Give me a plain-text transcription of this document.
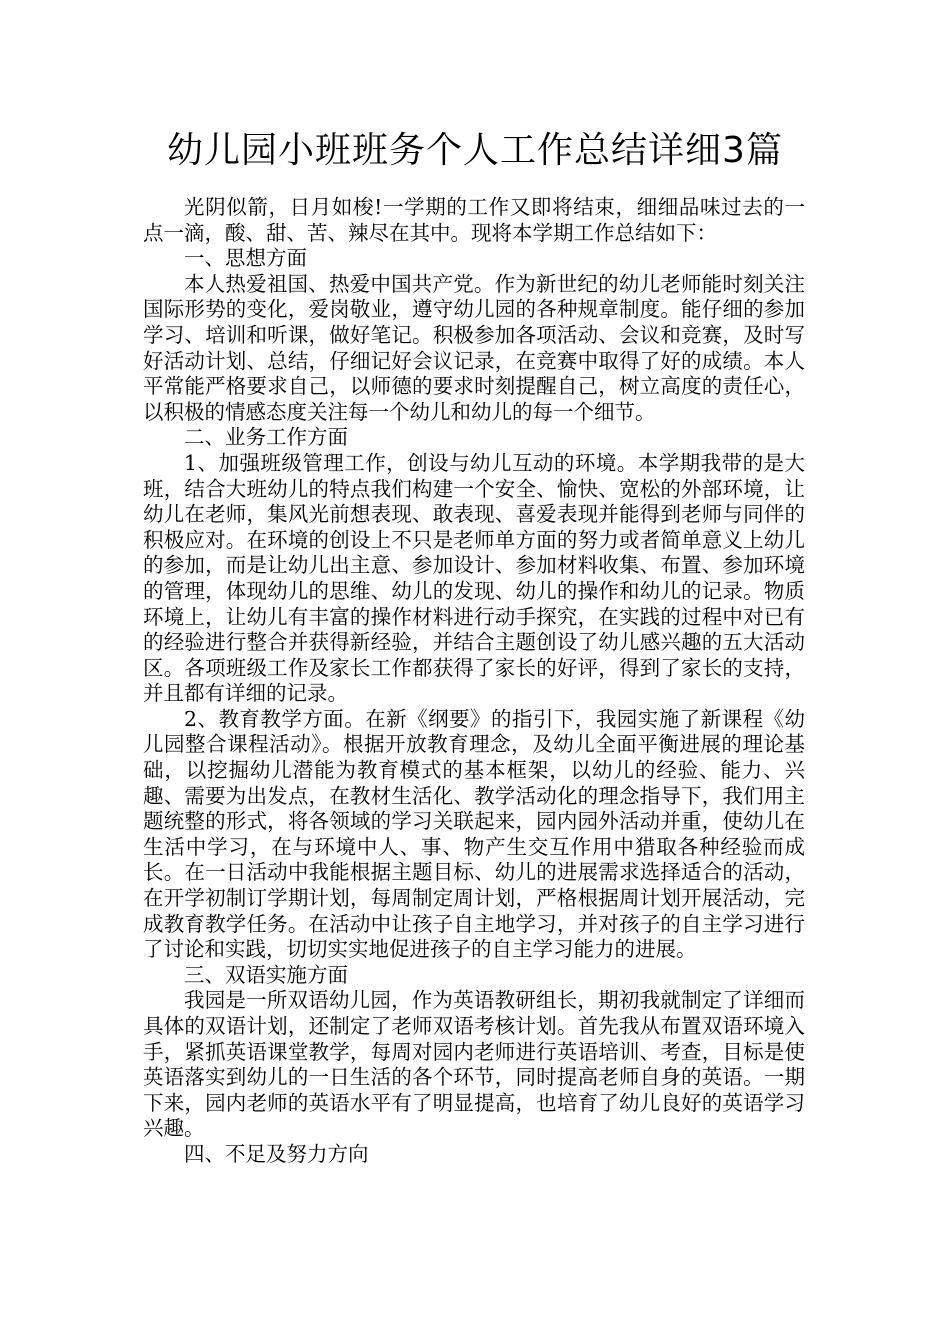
幼儿园小班班务个人工作总结详细3篇

光阴似箭，日月如梭!一学期的工作又即将结束，细细品味过去的一点一滴，酸、甜、苦、辣尽在其中。现将本学期工作总结如下：

一、思想方面

本人热爱祖国、热爱中国共产党。作为新世纪的幼儿老师能时刻关注国际形势的变化，爱岗敬业，遵守幼儿园的各种规章制度。能仔细的参加学习、培训和听课，做好笔记。积极参加各项活动、会议和竞赛，及时写好活动计划、总结，仔细记好会议记录，在竞赛中取得了好的成绩。本人平常能严格要求自己，以师德的要求时刻提醒自己，树立高度的责任心，以积极的情感态度关注每一个幼儿和幼儿的每一个细节。

二、业务工作方面

1、加强班级管理工作，创设与幼儿互动的环境。本学期我带的是大班，结合大班幼儿的特点我们构建一个安全、愉快、宽松的外部环境，让幼儿在老师，集风光前想表现、敢表现、喜爱表现并能得到老师与同伴的积极应对。在环境的创设上不只是老师单方面的努力或者简单意义上幼儿的参加，而是让幼儿出主意、参加设计、参加材料收集、布置、参加环境的管理，体现幼儿的思维、幼儿的发现、幼儿的操作和幼儿的记录。物质环境上，让幼儿有丰富的操作材料进行动手探究，在实践的过程中对已有的经验进行整合并获得新经验，并结合主题创设了幼儿感兴趣的五大活动区。各项班级工作及家长工作都获得了家长的好评，得到了家长的支持，并且都有详细的记录。

2、教育教学方面。在新《纲要》的指引下，我园实施了新课程《幼儿园整合课程活动》。根据开放教育理念，及幼儿全面平衡进展的理论基础，以挖掘幼儿潜能为教育模式的基本框架，以幼儿的经验、能力、兴趣、需要为出发点，在教材生活化、教学活动化的理念指导下，我们用主题统整的形式，将各领域的学习关联起来，园内园外活动并重，使幼儿在生活中学习，在与环境中人、事、物产生交互作用中猎取各种经验而成长。在一日活动中我能根据主题目标、幼儿的进展需求选择适合的活动，在开学初制订学期计划，每周制定周计划，严格根据周计划开展活动，完成教育教学任务。在活动中让孩子自主地学习，并对孩子的自主学习进行了讨论和实践，切切实实地促进孩子的自主学习能力的进展。

三、双语实施方面

我园是一所双语幼儿园，作为英语教研组长，期初我就制定了详细而具体的双语计划，还制定了老师双语考核计划。首先我从布置双语环境入手，紧抓英语课堂教学，每周对园内老师进行英语培训、考查，目标是使英语落实到幼儿的一日生活的各个环节，同时提高老师自身的英语。一期下来，园内老师的英语水平有了明显提高，也培育了幼儿良好的英语学习兴趣。

四、不足及努力方向
